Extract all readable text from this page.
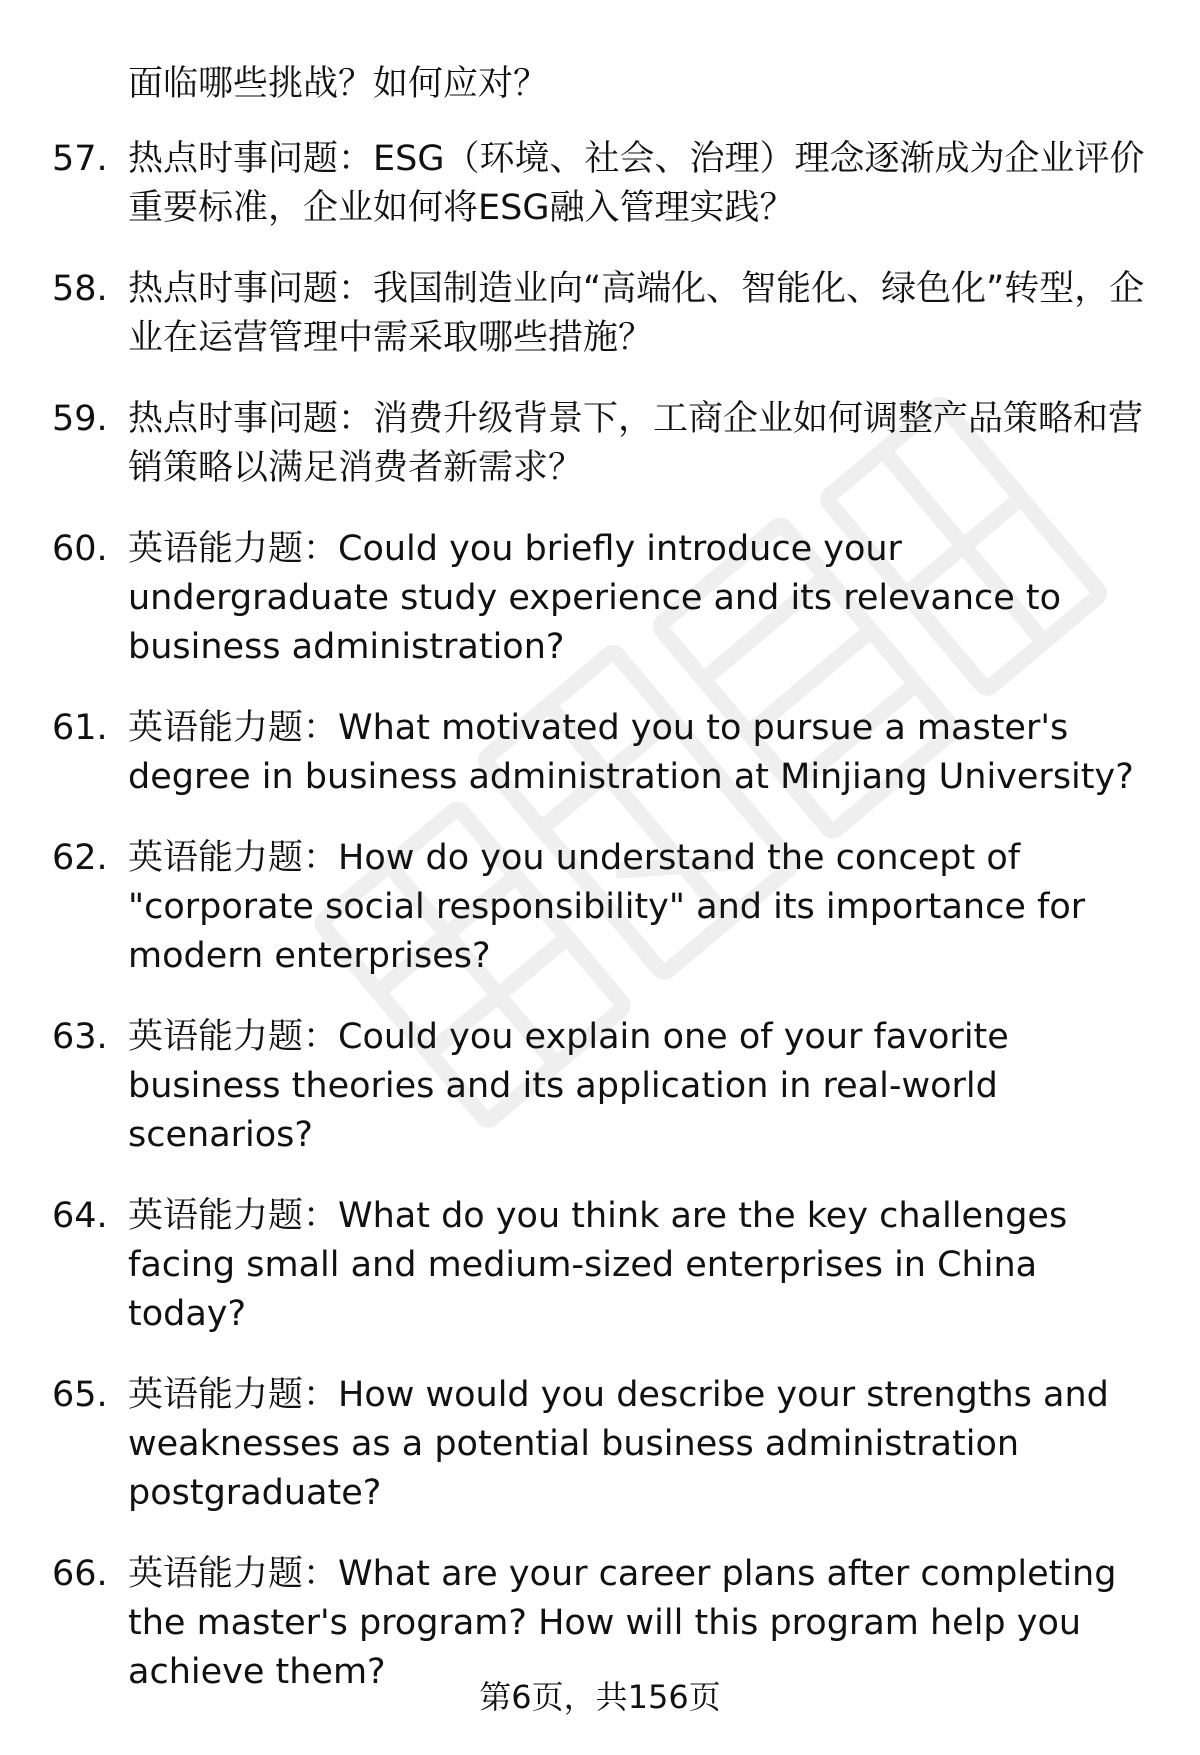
面临哪些挑战？如何应对？
57. 热点时事问题：ESG（环境、社会、治理）理念逐渐成为企业评价重要标准，企业如何将ESG融入管理实践？
58. 热点时事问题：我国制造业向“高端化、智能化、绿色化”转型，企业在运营管理中需采取哪些措施？
59. 热点时事问题：消费升级背景下，工商企业如何调整产品策略和营销策略以满足消费者新需求？
60. 英语能力题：Could you briefly introduce your undergraduate study experience and its relevance to business administration?
61. 英语能力题：What motivated you to pursue a master's degree in business administration at Minjiang University?
62. 英语能力题：How do you understand the concept of "corporate social responsibility" and its importance for modern enterprises?
63. 英语能力题：Could you explain one of your favorite business theories and its application in real-world scenarios?
64. 英语能力题：What do you think are the key challenges facing small and medium-sized enterprises in China today?
65. 英语能力题：How would you describe your strengths and weaknesses as a potential business administration postgraduate?
66. 英语能力题：What are your career plans after completing the master's program? How will this program help you achieve them?
第6页，共156页
